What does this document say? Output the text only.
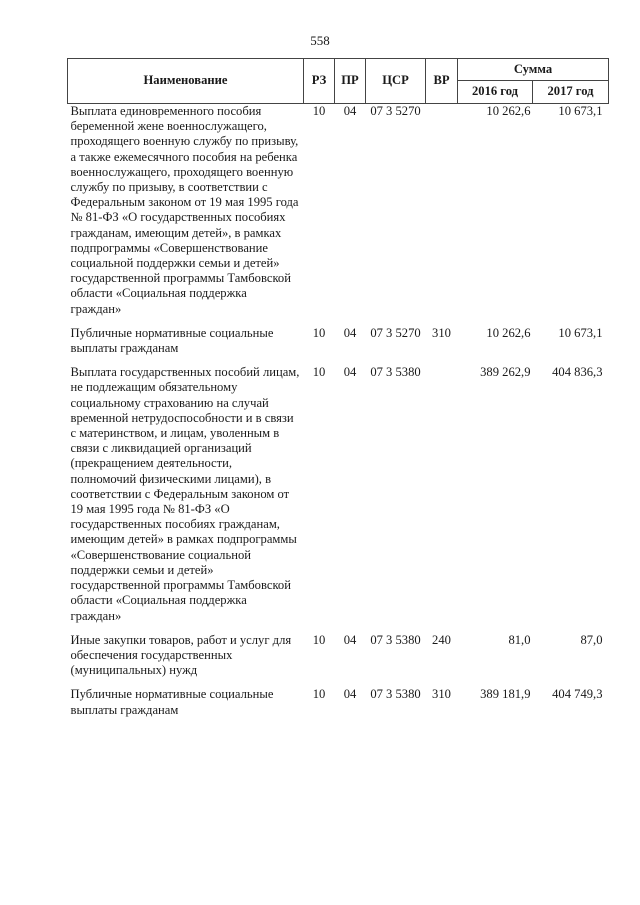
558
Наименование	РЗ	ПР	ЦСР	ВР	Сумма	
					2016 год	2017 год
Выплата единовременного пособия беременной жене военнослужащего, проходящего военную службу по призыву, а также ежемесячного пособия на ребенка военнослужащего, проходящего военную службу по призыву, в соответствии с Федеральным законом от 19 мая 1995 года № 81-ФЗ «О государственных пособиях гражданам, имеющим детей», в рамках подпрограммы «Совершенствование социальной поддержки семьи и детей» государственной программы Тамбовской области «Социальная поддержка граждан»	10	04	07 3 5270		10 262,6	10 673,1
Публичные нормативные социальные выплаты гражданам	10	04	07 3 5270	310	10 262,6	10 673,1
Выплата государственных пособий лицам, не подлежащим обязательному социальному страхованию на случай временной нетрудоспособности и в связи с материнством, и лицам, уволенным в связи с ликвидацией организаций (прекращением деятельности, полномочий физическими лицами), в соответствии с Федеральным законом от 19 мая 1995 года № 81-ФЗ «О государственных пособиях гражданам, имеющим детей» в рамках подпрограммы «Совершенствование социальной поддержки семьи и детей» государственной программы Тамбовской области «Социальная поддержка граждан»	10	04	07 3 5380		389 262,9	404 836,3
Иные закупки товаров, работ и услуг для обеспечения государственных (муниципальных) нужд	10	04	07 3 5380	240	81,0	87,0
Публичные нормативные социальные выплаты гражданам	10	04	07 3 5380	310	389 181,9	404 749,3
